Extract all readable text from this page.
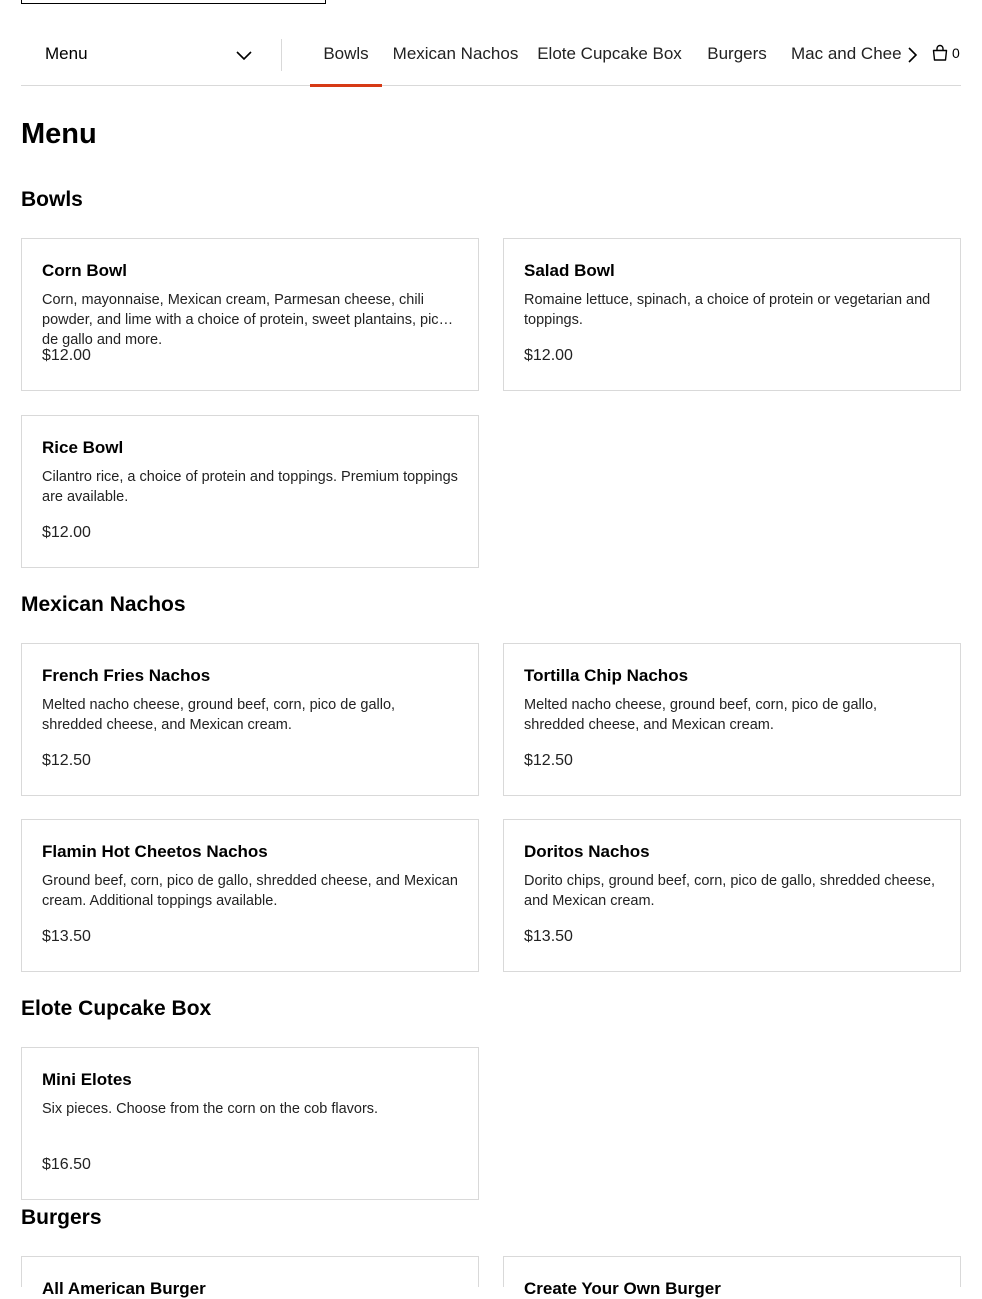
Menu	Bowls	Mexican Nachos Elote Cupcake Box	Burgers	Mac and Chee	0
Menu
Bowls
Corn Bowl
Corn, mayonnaise, Mexican cream, Parmesan cheese, chili powder, and lime with a choice of protein, sweet plantains, pico de gallo and more.
$12.00
Salad Bowl
Romaine lettuce, spinach, a choice of protein or vegetarian and toppings.
$12.00
Rice Bowl
Cilantro rice, a choice of protein and toppings. Premium toppings are available.
$12.00
Mexican Nachos
French Fries Nachos
Melted nacho cheese, ground beef, corn, pico de gallo, shredded cheese, and Mexican cream.
$12.50
Tortilla Chip Nachos
Melted nacho cheese, ground beef, corn, pico de gallo, shredded cheese, and Mexican cream.
$12.50
Flamin Hot Cheetos Nachos
Ground beef, corn, pico de gallo, shredded cheese, and Mexican cream. Additional toppings available.
$13.50
Doritos Nachos
Dorito chips, ground beef, corn, pico de gallo, shredded cheese, and Mexican cream.
$13.50
Elote Cupcake Box
Mini Elotes
Six pieces. Choose from the corn on the cob flavors.
$16.50
Burgers
All American Burger	Create Your Own Burger
